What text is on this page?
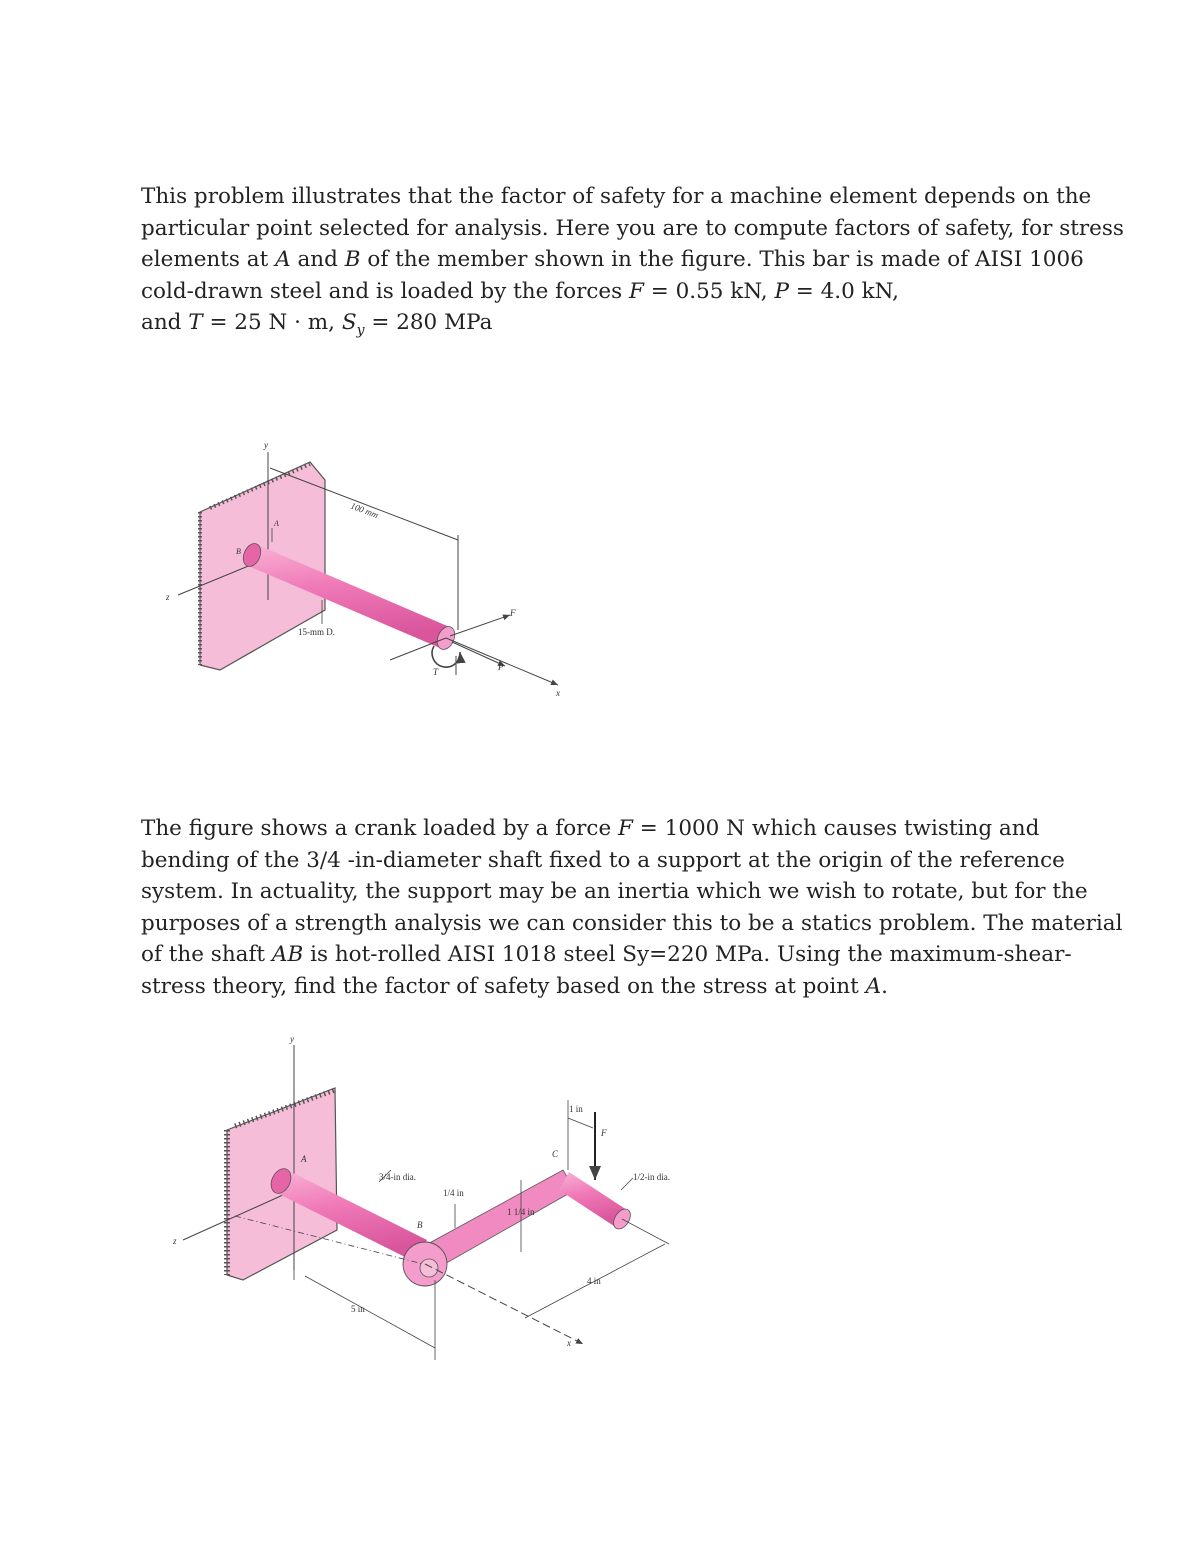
This problem illustrates that the factor of safety for a machine element depends on the
particular point selected for analysis. Here you are to compute factors of safety, for stress
elements at A and B of the member shown in the figure. This bar is made of AISI 1006
cold-drawn steel and is loaded by the forces F = 0.55 kN, P = 4.0 kN,
and T = 25 N · m, $S_y = 280$ MPa
y
z
x
F
P
T
100 mm
A
B
15-mm D.
The figure shows a crank loaded by a force F = 1000 N which causes twisting and
bending of the 3/4 -in-diameter shaft fixed to a support at the origin of the reference
system. In actuality, the support may be an inertia which we wish to rotate, but for the
purposes of a strength analysis we can consider this to be a statics problem. The material
of the shaft AB is hot-rolled AISI 1018 steel Sy=220 MPa. Using the maximum-shear-
stress theory, find the factor of safety based on the stress at point A.
y
z
x
F
1 in
A
B
C
3/4-in dia.
1/4 in
1 1/4 in
1/2-in dia.
4 in
5 in
